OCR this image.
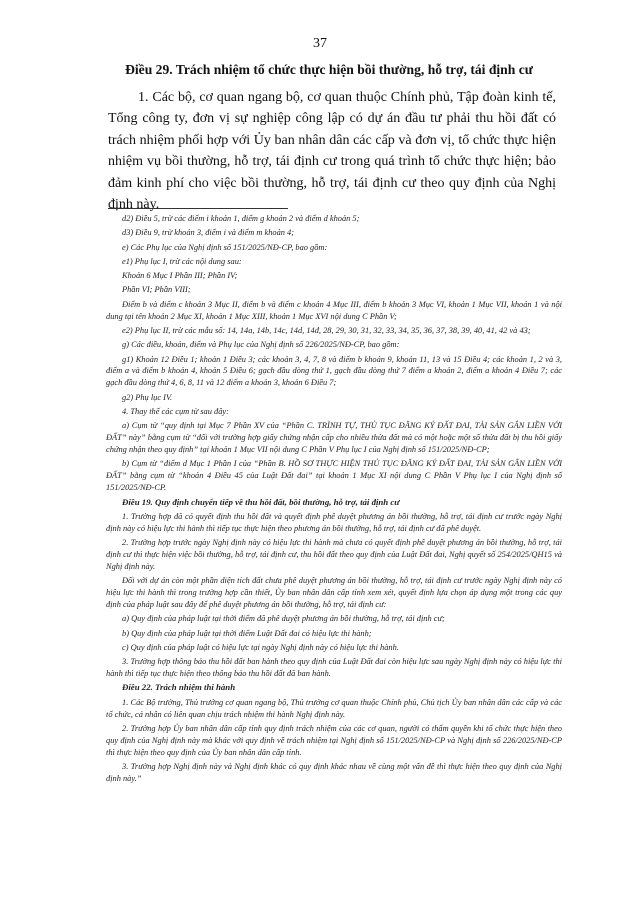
37
Điều 29. Trách nhiệm tổ chức thực hiện bồi thường, hỗ trợ, tái định cư
1. Các bộ, cơ quan ngang bộ, cơ quan thuộc Chính phủ, Tập đoàn kinh tế, Tổng công ty, đơn vị sự nghiệp công lập có dự án đầu tư phải thu hồi đất có trách nhiệm phối hợp với Ủy ban nhân dân các cấp và đơn vị, tổ chức thực hiện nhiệm vụ bồi thường, hỗ trợ, tái định cư trong quá trình tổ chức thực hiện; bảo đảm kinh phí cho việc bồi thường, hỗ trợ, tái định cư theo quy định của Nghị định này.

d2) Điều 5, trừ các điểm i khoản 1, điểm g khoản 2 và điểm d khoản 5;

d3) Điều 9, trừ khoản 3, điểm i và điểm m khoản 4;

e) Các Phụ lục của Nghị định số 151/2025/NĐ-CP, bao gồm:

e1) Phụ lục I, trừ các nội dung sau:

Khoản 6 Mục I Phần III; Phần IV;

Phần VI; Phần VIII;

Điểm b và điểm c khoản 3 Mục II, điểm b và điểm c khoản 4 Mục III, điểm b khoản 3 Mục VI, khoản 1 Mục VII, khoản 1 và nội dung tại tên khoản 2 Mục XI, khoản 1 Mục XIII, khoản 1 Mục XVI nội dung C Phần V;

e2) Phụ lục II, trừ các mẫu số: 14, 14a, 14b, 14c, 14d, 14đ, 28, 29, 30, 31, 32, 33, 34, 35, 36, 37, 38, 39, 40, 41, 42 và 43;

g) Các điều, khoản, điểm và Phụ lục của Nghị định số 226/2025/NĐ-CP, bao gồm:

g1) Khoản 12 Điều 1; khoản 1 Điều 3; các khoản 3, 4, 7, 8 và điểm b khoản 9, khoản 11, 13 và 15 Điều 4; các khoản 1, 2 và 3, điểm a và điểm b khoản 4, khoản 5 Điều 6; gạch đầu dòng thứ 1, gạch đầu dòng thứ 7 điểm a khoản 2, điểm a khoản 4 Điều 7; các gạch đầu dòng thứ 4, 6, 8, 11 và 12 điểm a khoản 3, khoản 6 Điều 7;

g2) Phụ lục IV.

4. Thay thế các cụm từ sau đây:

a) Cụm từ “quy định tại Mục 7 Phần XV của “Phần C. TRÌNH TỰ, THỦ TỤC ĐĂNG KÝ ĐẤT ĐAI, TÀI SẢN GẮN LIỀN VỚI ĐẤT” này” bằng cụm từ “đối với trường hợp giấy chứng nhận cấp cho nhiều thửa đất mà có một hoặc một số thửa đất bị thu hồi giấy chứng nhận theo quy định” tại khoản 1 Mục VII nội dung C Phần V Phụ lục I của Nghị định số 151/2025/NĐ-CP;

b) Cụm từ “điểm d Mục 1 Phần I của “Phần B. HỒ SƠ THỰC HIỆN THỦ TỤC ĐĂNG KÝ ĐẤT ĐAI, TÀI SẢN GẮN LIỀN VỚI ĐẤT” bằng cụm từ “khoản 4 Điều 45 của Luật Đất đai” tại khoản 1 Mục XI nội dung C Phần V Phụ lục I của Nghị định số 151/2025/NĐ-CP.

Điều 19. Quy định chuyển tiếp về thu hồi đất, bồi thường, hỗ trợ, tái định cư

1. Trường hợp đã có quyết định thu hồi đất và quyết định phê duyệt phương án bồi thường, hỗ trợ, tái định cư trước ngày Nghị định này có hiệu lực thi hành thì tiếp tục thực hiện theo phương án bồi thường, hỗ trợ, tái định cư đã phê duyệt.

2. Trường hợp trước ngày Nghị định này có hiệu lực thi hành mà chưa có quyết định phê duyệt phương án bồi thường, hỗ trợ, tái định cư thì thực hiện việc bồi thường, hỗ trợ, tái định cư, thu hồi đất theo quy định của Luật Đất đai, Nghị quyết số 254/2025/QH15 và Nghị định này.

Đối với dự án còn một phần diện tích đất chưa phê duyệt phương án bồi thường, hỗ trợ, tái định cư trước ngày Nghị định này có hiệu lực thi hành thì trong trường hợp cần thiết, Ủy ban nhân dân cấp tỉnh xem xét, quyết định lựa chọn áp dụng một trong các quy định của pháp luật sau đây để phê duyệt phương án bồi thường, hỗ trợ, tái định cư:

a) Quy định của pháp luật tại thời điểm đã phê duyệt phương án bồi thường, hỗ trợ, tái định cư;

b) Quy định của pháp luật tại thời điểm Luật Đất đai có hiệu lực thi hành;

c) Quy định của pháp luật có hiệu lực tại ngày Nghị định này có hiệu lực thi hành.

3. Trường hợp thông báo thu hồi đất ban hành theo quy định của Luật Đất đai còn hiệu lực sau ngày Nghị định này có hiệu lực thi hành thì tiếp tục thực hiện theo thông báo thu hồi đất đã ban hành.

Điều 22. Trách nhiệm thi hành

1. Các Bộ trưởng, Thủ trưởng cơ quan ngang bộ, Thủ trưởng cơ quan thuộc Chính phủ, Chủ tịch Ủy ban nhân dân các cấp và các tổ chức, cá nhân có liên quan chịu trách nhiệm thi hành Nghị định này.

2. Trường hợp Ủy ban nhân dân cấp tỉnh quy định trách nhiệm của các cơ quan, người có thẩm quyền khi tổ chức thực hiện theo quy định của Nghị định này mà khác với quy định về trách nhiệm tại Nghị định số 151/2025/NĐ-CP và Nghị định số 226/2025/NĐ-CP thì thực hiện theo quy định của Ủy ban nhân dân cấp tỉnh.

3. Trường hợp Nghị định này và Nghị định khác có quy định khác nhau về cùng một vấn đề thì thực hiện theo quy định của Nghị định này.”
